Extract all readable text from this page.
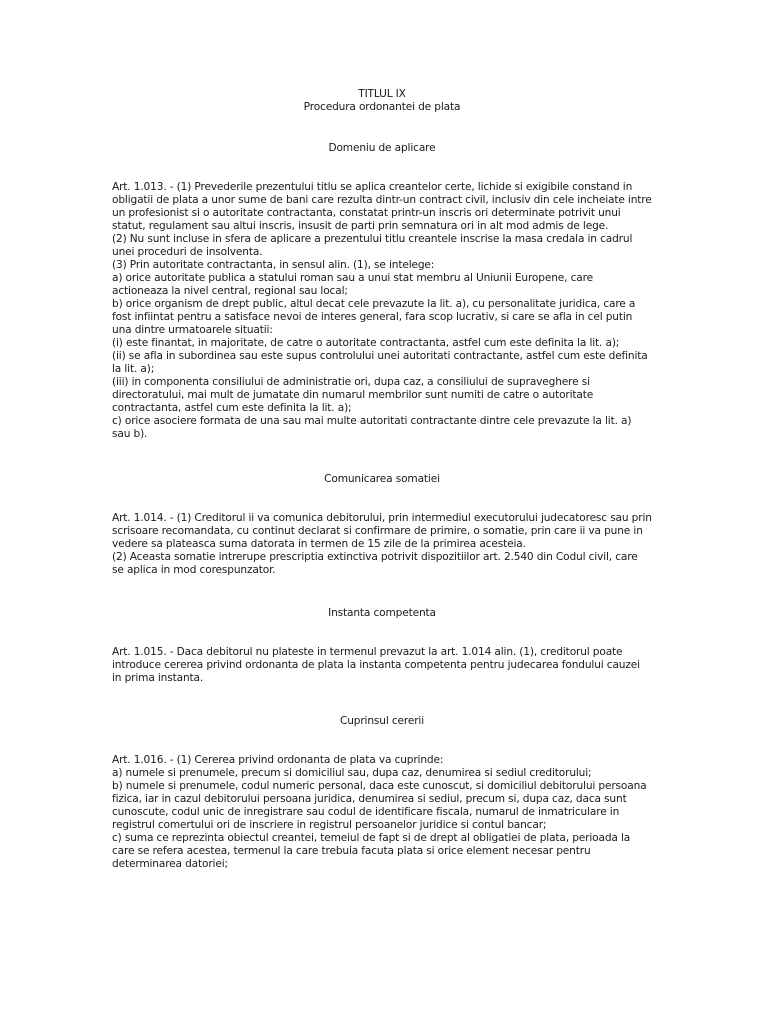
TITLUL IX

Procedura ordonantei de plata

Domeniu de aplicare

Art. 1.013. - (1) Prevederile prezentului titlu se aplica creantelor certe, lichide si exigibile constand in obligatii de plata a unor sume de bani care rezulta dintr-un contract civil, inclusiv din cele incheiate intre un profesionist si o autoritate contractanta, constatat printr-un inscris ori determinate potrivit unui statut, regulament sau altui inscris, insusit de parti prin semnatura ori in alt mod admis de lege.

(2) Nu sunt incluse in sfera de aplicare a prezentului titlu creantele inscrise la masa credala in cadrul unei proceduri de insolventa.

(3) Prin autoritate contractanta, in sensul alin. (1), se intelege:

a) orice autoritate publica a statului roman sau a unui stat membru al Uniunii Europene, care actioneaza la nivel central, regional sau local;

b) orice organism de drept public, altul decat cele prevazute la lit. a), cu personalitate juridica, care a fost infiintat pentru a satisface nevoi de interes general, fara scop lucrativ, si care se afla in cel putin una dintre urmatoarele situatii:

(i) este finantat, in majoritate, de catre o autoritate contractanta, astfel cum este definita la lit. a);

(ii) se afla in subordinea sau este supus controlului unei autoritati contractante, astfel cum este definita la lit. a);

(iii) in componenta consiliului de administratie ori, dupa caz, a consiliului de supraveghere si directoratului, mai mult de jumatate din numarul membrilor sunt numiti de catre o autoritate contractanta, astfel cum este definita la lit. a);

c) orice asociere formata de una sau mai multe autoritati contractante dintre cele prevazute la lit. a) sau b).

Comunicarea somatiei

Art. 1.014. - (1) Creditorul ii va comunica debitorului, prin intermediul executorului judecatoresc sau prin scrisoare recomandata, cu continut declarat si confirmare de primire, o somatie, prin care ii va pune in vedere sa plateasca suma datorata in termen de 15 zile de la primirea acesteia.

(2) Aceasta somatie intrerupe prescriptia extinctiva potrivit dispozitiilor art. 2.540 din Codul civil, care se aplica in mod corespunzator.

Instanta competenta

Art. 1.015. - Daca debitorul nu plateste in termenul prevazut la art. 1.014 alin. (1), creditorul poate introduce cererea privind ordonanta de plata la instanta competenta pentru judecarea fondului cauzei in prima instanta.

Cuprinsul cererii

Art. 1.016. - (1) Cererea privind ordonanta de plata va cuprinde:

a) numele si prenumele, precum si domiciliul sau, dupa caz, denumirea si sediul creditorului;

b) numele si prenumele, codul numeric personal, daca este cunoscut, si domiciliul debitorului persoana fizica, iar in cazul debitorului persoana juridica, denumirea si sediul, precum si, dupa caz, daca sunt cunoscute, codul unic de inregistrare sau codul de identificare fiscala, numarul de inmatriculare in registrul comertului ori de inscriere in registrul persoanelor juridice si contul bancar;

c) suma ce reprezinta obiectul creantei, temeiul de fapt si de drept al obligatiei de plata, perioada la care se refera acestea, termenul la care trebuia facuta plata si orice element necesar pentru determinarea datoriei;
